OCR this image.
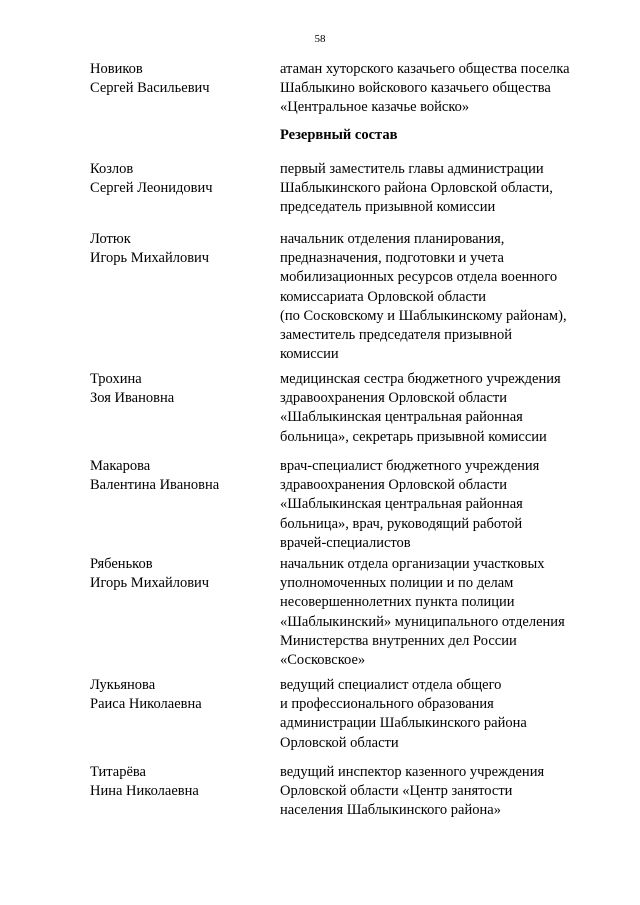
58
Новиков
Сергей Васильевич
атаман хуторского казачьего общества поселка
Шаблыкино войскового казачьего общества
«Центральное казачье войско»
Резервный состав
Козлов
Сергей Леонидович
первый заместитель главы администрации
Шаблыкинского района Орловской области,
председатель призывной комиссии
Лотюк
Игорь Михайлович
начальник отделения планирования,
предназначения, подготовки и учета
мобилизационных ресурсов отдела военного
комиссариата Орловской области
(по Сосковскому и Шаблыкинскому районам),
заместитель председателя призывной
комиссии
Трохина
Зоя Ивановна
медицинская сестра бюджетного учреждения
здравоохранения Орловской области
«Шаблыкинская центральная районная
больница», секретарь призывной комиссии
Макарова
Валентина Ивановна
врач-специалист бюджетного учреждения
здравоохранения Орловской области
«Шаблыкинская центральная районная
больница», врач, руководящий работой
врачей-специалистов
Рябеньков
Игорь Михайлович
начальник отдела организации участковых
уполномоченных полиции и по делам
несовершеннолетних пункта полиции
«Шаблыкинский» муниципального отделения
Министерства внутренних дел России
«Сосковское»
Лукьянова
Раиса Николаевна
ведущий специалист отдела общего
и профессионального образования
администрации Шаблыкинского района
Орловской области
Титарёва
Нина Николаевна
ведущий инспектор казенного учреждения
Орловской области «Центр занятости
населения Шаблыкинского района»
